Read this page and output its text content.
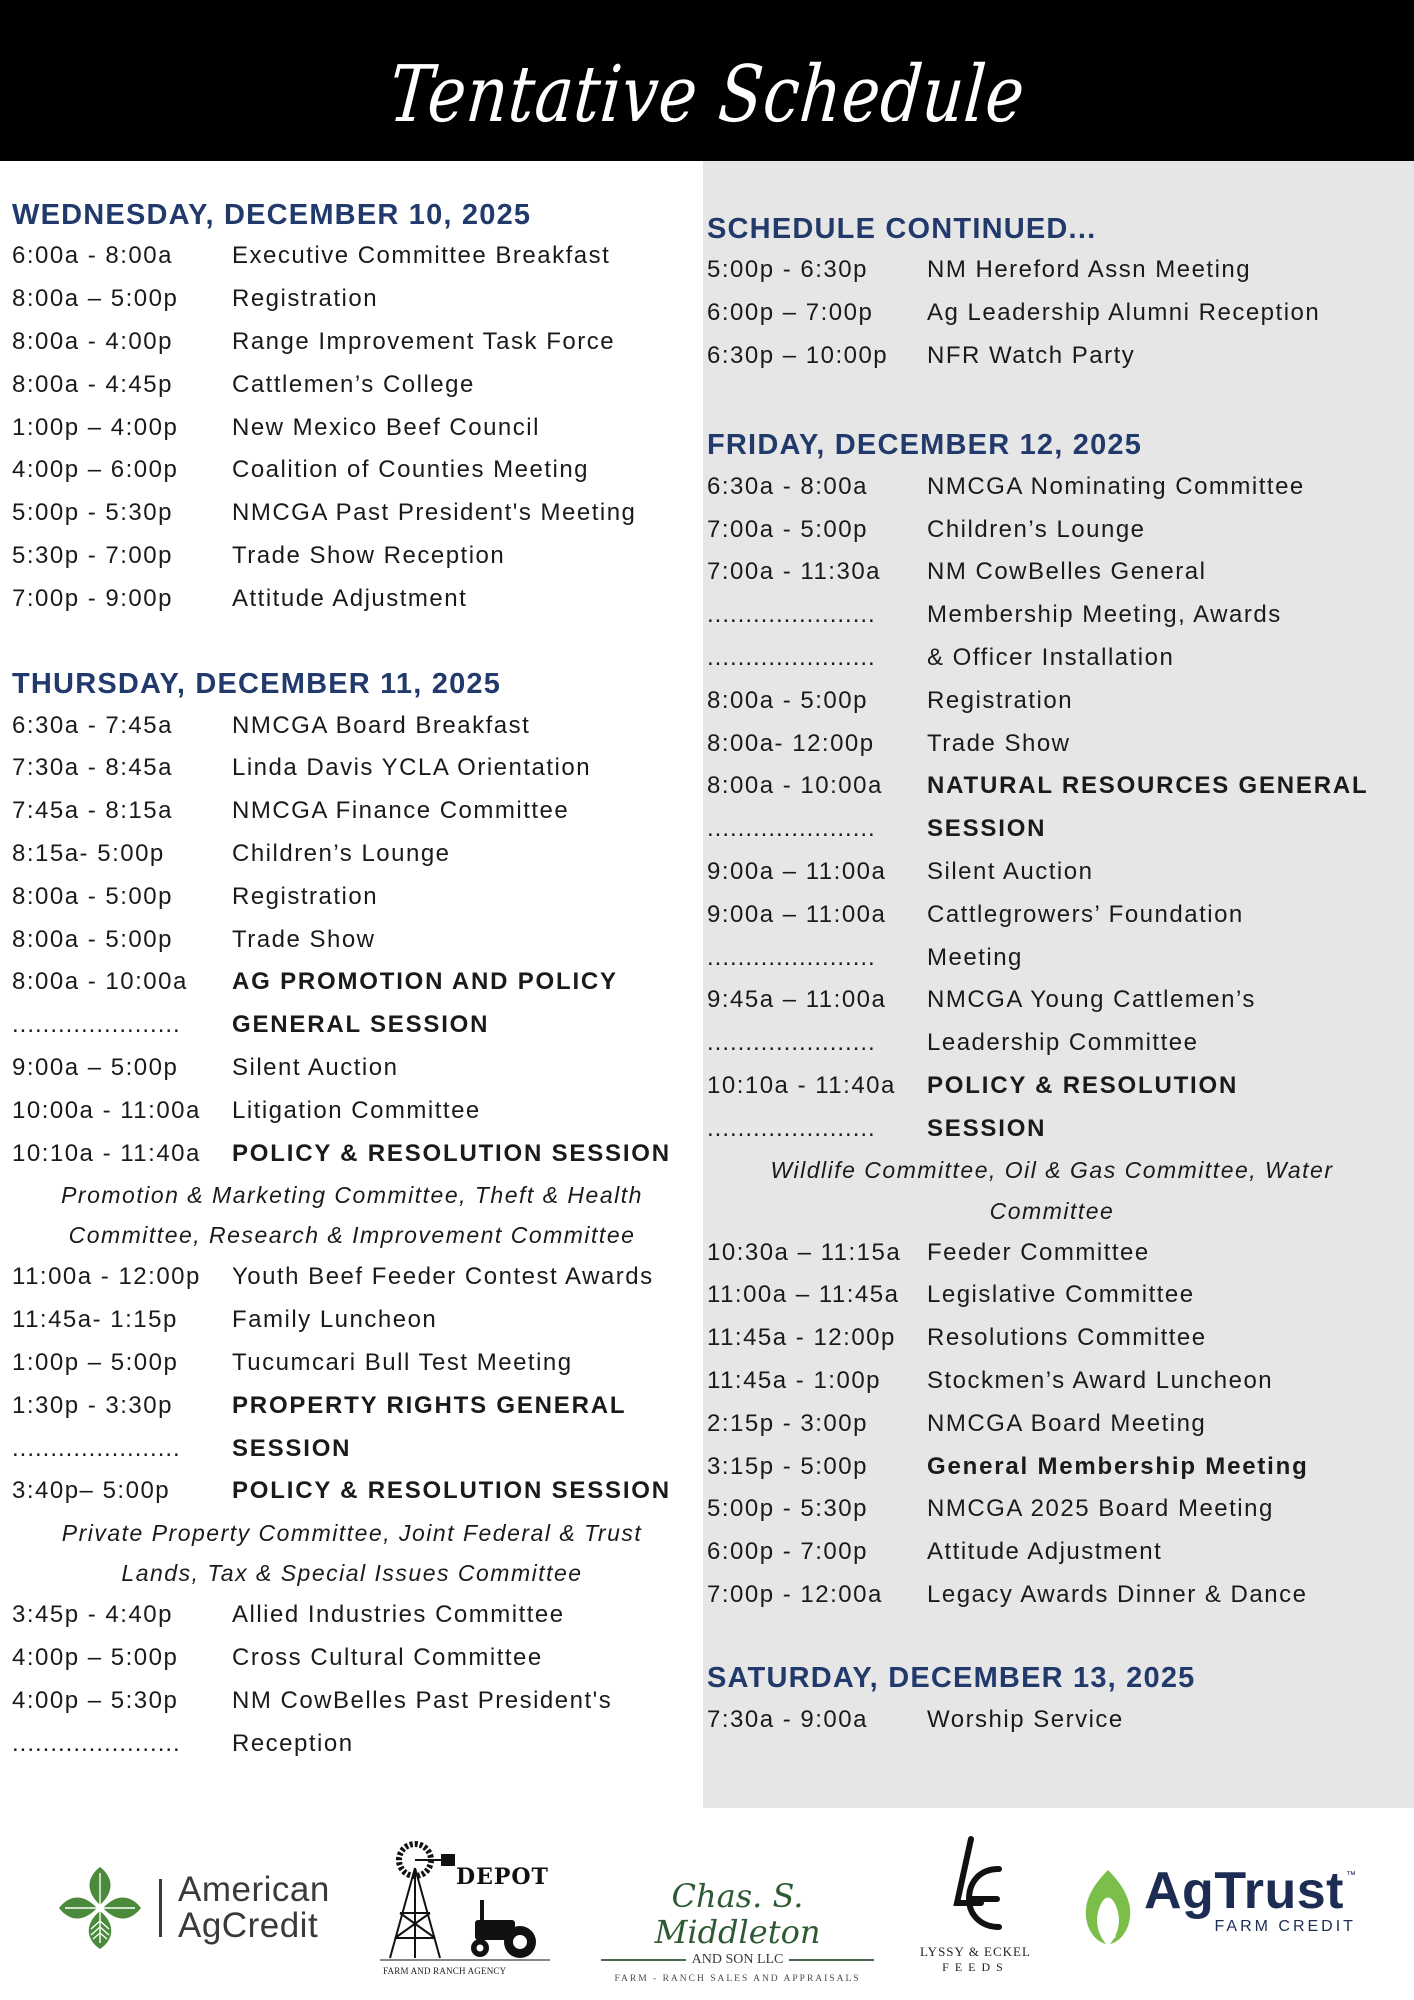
Tentative Schedule
WEDNESDAY, DECEMBER 10, 2025
6:00a - 8:00a	Executive Committee Breakfast
8:00a – 5:00p	Registration
8:00a - 4:00p	Range Improvement Task Force
8:00a - 4:45p	Cattlemen’s College
1:00p – 4:00p	New Mexico Beef Council
4:00p – 6:00p	Coalition of Counties Meeting
5:00p - 5:30p	NMCGA Past President's Meeting
5:30p - 7:00p	Trade Show Reception
7:00p - 9:00p	Attitude Adjustment
THURSDAY, DECEMBER 11, 2025
6:30a - 7:45a	NMCGA Board Breakfast
7:30a - 8:45a	Linda Davis YCLA Orientation
7:45a - 8:15a	NMCGA Finance Committee
8:15a- 5:00p	Children’s Lounge
8:00a - 5:00p	Registration
8:00a - 5:00p	Trade Show
8:00a - 10:00a	AG PROMOTION AND POLICY
......................	GENERAL SESSION
9:00a – 5:00p	Silent Auction
10:00a - 11:00a	Litigation Committee
10:10a - 11:40a	POLICY & RESOLUTION SESSION
Promotion & Marketing Committee, Theft & Health
Committee, Research & Improvement Committee
11:00a - 12:00p	Youth Beef Feeder Contest Awards
11:45a- 1:15p	Family Luncheon
1:00p – 5:00p	Tucumcari Bull Test Meeting
1:30p - 3:30p	PROPERTY RIGHTS GENERAL
......................	SESSION
3:40p– 5:00p	POLICY & RESOLUTION SESSION
Private Property Committee, Joint Federal & Trust
Lands, Tax & Special Issues Committee
3:45p - 4:40p	Allied Industries Committee
4:00p – 5:00p	Cross Cultural Committee
4:00p – 5:30p	NM CowBelles Past President's
......................	Reception
SCHEDULE CONTINUED...
5:00p - 6:30p	NM Hereford Assn Meeting
6:00p – 7:00p	Ag Leadership Alumni Reception
6:30p – 10:00p	NFR Watch Party
FRIDAY, DECEMBER 12, 2025
6:30a - 8:00a	NMCGA Nominating Committee
7:00a - 5:00p	Children’s Lounge
7:00a - 11:30a	NM CowBelles General
......................	Membership Meeting, Awards
......................	& Officer Installation
8:00a - 5:00p	Registration
8:00a- 12:00p	Trade Show
8:00a - 10:00a	NATURAL RESOURCES GENERAL
......................	SESSION
9:00a – 11:00a	Silent Auction
9:00a – 11:00a	Cattlegrowers’ Foundation
......................	Meeting
9:45a – 11:00a	NMCGA Young Cattlemen’s
......................	Leadership Committee
10:10a - 11:40a	POLICY & RESOLUTION
......................	SESSION
Wildlife Committee, Oil & Gas Committee, Water
Committee
10:30a – 11:15a	Feeder Committee
11:00a – 11:45a	Legislative Committee
11:45a - 12:00p	Resolutions Committee
11:45a - 1:00p	Stockmen’s Award Luncheon
2:15p - 3:00p	NMCGA Board Meeting
3:15p - 5:00p	General Membership Meeting
5:00p - 5:30p	NMCGA 2025 Board Meeting
6:00p - 7:00p	Attitude Adjustment
7:00p - 12:00a	Legacy Awards Dinner & Dance
SATURDAY, DECEMBER 13, 2025
7:30a - 9:00a	Worship Service
American
AgCredit
DEPOT
FARM AND RANCH AGENCY
Chas. S. Middleton
AND SON LLC
FARM - RANCH SALES AND APPRAISALS
LYSSY & ECKEL
FEEDS
AgTrust ™
FARM CREDIT
